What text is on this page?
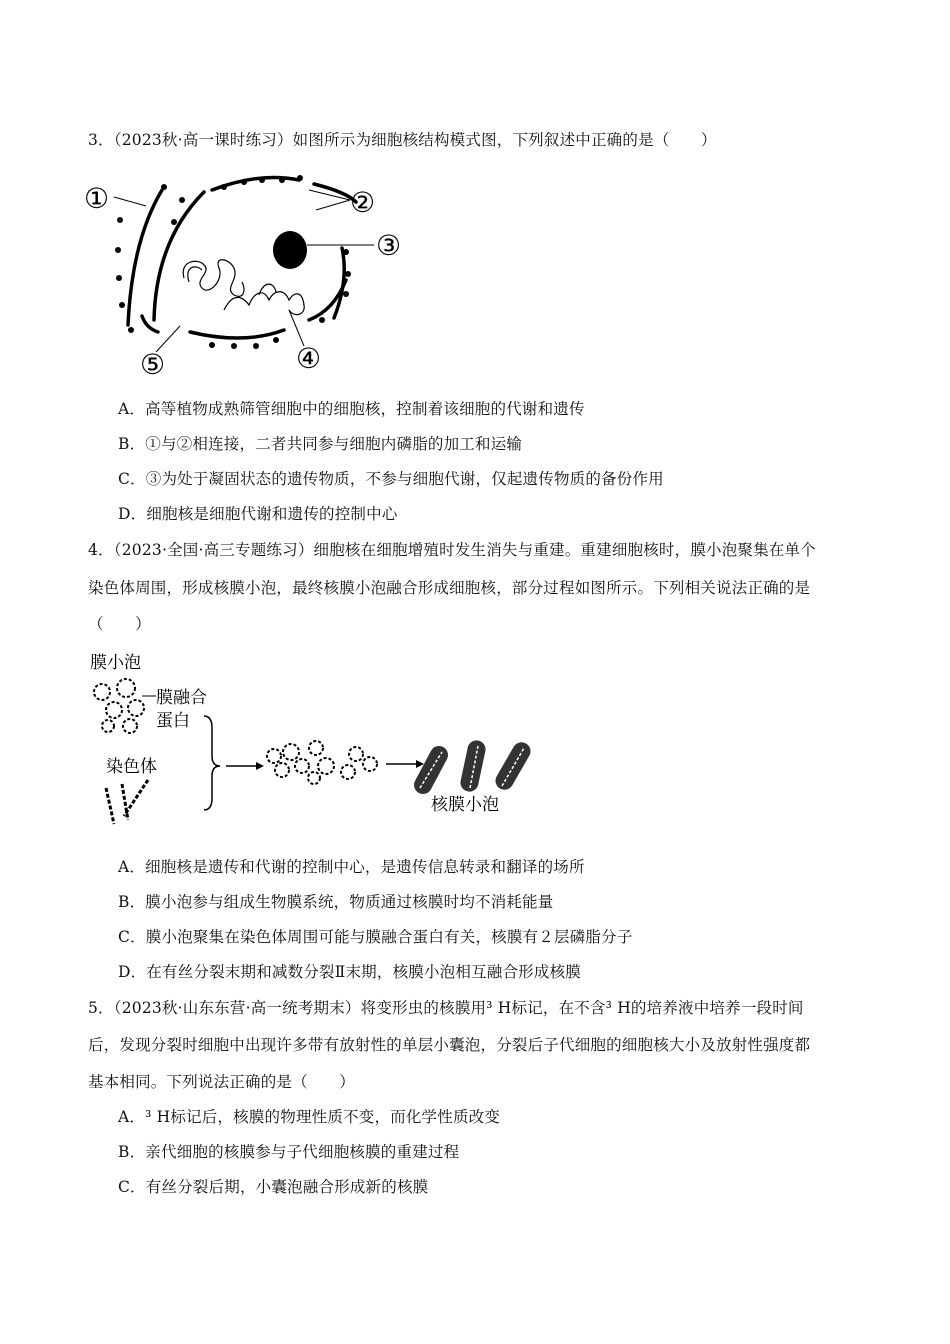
3．（2023秋·高一课时练习）如图所示为细胞核结构模式图，下列叙述中正确的是（　　）
①	②
③
④
⑤
A．高等植物成熟筛管细胞中的细胞核，控制着该细胞的代谢和遗传
B．①与②相连接，二者共同参与细胞内磷脂的加工和运输
C．③为处于凝固状态的遗传物质，不参与细胞代谢，仅起遗传物质的备份作用
D．细胞核是细胞代谢和遗传的控制中心
4．（2023·全国·高三专题练习）细胞核在细胞增殖时发生消失与重建。重建细胞核时，膜小泡聚集在单个
染色体周围，形成核膜小泡，最终核膜小泡融合形成细胞核，部分过程如图所示。下列相关说法正确的是
（　　）
膜小泡
膜融合
蛋白
染色体
核膜小泡
A．细胞核是遗传和代谢的控制中心，是遗传信息转录和翻译的场所
B．膜小泡参与组成生物膜系统，物质通过核膜时均不消耗能量
C．膜小泡聚集在染色体周围可能与膜融合蛋白有关，核膜有２层磷脂分子
D．在有丝分裂末期和减数分裂Ⅱ末期，核膜小泡相互融合形成核膜
5．（2023秋·山东东营·高一统考期末）将变形虫的核膜用³ H标记，在不含³ H的培养液中培养一段时间
后，发现分裂时细胞中出现许多带有放射性的单层小囊泡，分裂后子代细胞的细胞核大小及放射性强度都
基本相同。下列说法正确的是（　　）
A．³ H标记后，核膜的物理性质不变，而化学性质改变
B．亲代细胞的核膜参与子代细胞核膜的重建过程
C．有丝分裂后期，小囊泡融合形成新的核膜
